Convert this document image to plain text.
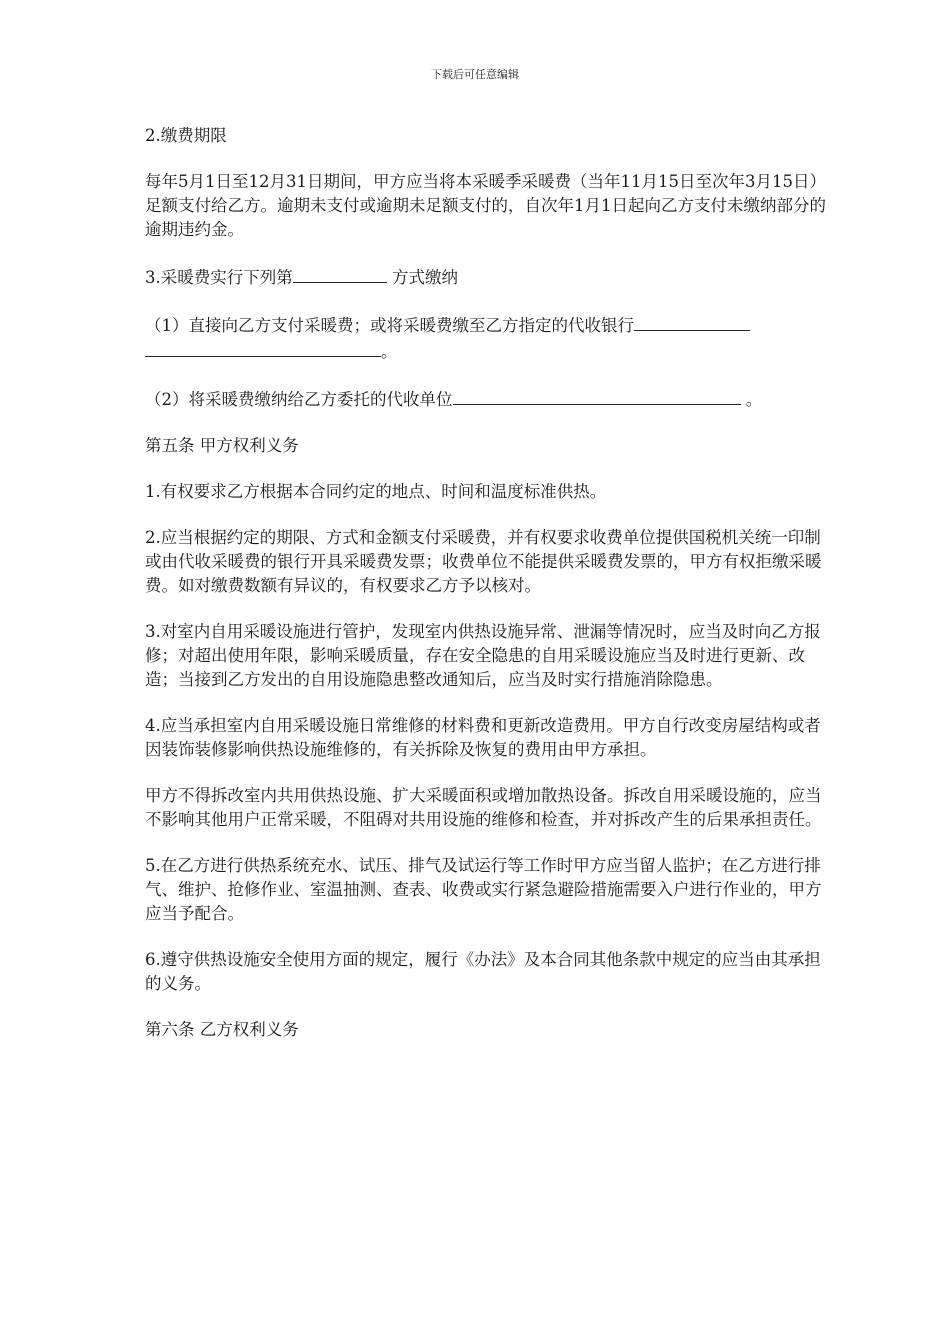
下载后可任意编辑

2.缴费期限

每年5月1日至12月31日期间，甲方应当将本采暖季采暖费（当年11月15日至次年3月15日）足额支付给乙方。逾期未支付或逾期未足额支付的，自次年1月1日起向乙方支付未缴纳部分的逾期违约金。

3.采暖费实行下列第	方式缴纳

（1）直接向乙方支付采暖费；或将采暖费缴至乙方指定的代收银行
。

（2）将采暖费缴纳给乙方委托的代收单位	。

第五条 甲方权利义务

1.有权要求乙方根据本合同约定的地点、时间和温度标准供热。

2.应当根据约定的期限、方式和金额支付采暖费，并有权要求收费单位提供国税机关统一印制或由代收采暖费的银行开具采暖费发票；收费单位不能提供采暖费发票的，甲方有权拒缴采暖费。如对缴费数额有异议的，有权要求乙方予以核对。

3.对室内自用采暖设施进行管护，发现室内供热设施异常、泄漏等情况时，应当及时向乙方报修；对超出使用年限，影响采暖质量，存在安全隐患的自用采暖设施应当及时进行更新、改造；当接到乙方发出的自用设施隐患整改通知后，应当及时实行措施消除隐患。

4.应当承担室内自用采暖设施日常维修的材料费和更新改造费用。甲方自行改变房屋结构或者因装饰装修影响供热设施维修的，有关拆除及恢复的费用由甲方承担。

甲方不得拆改室内共用供热设施、扩大采暖面积或增加散热设备。拆改自用采暖设施的，应当不影响其他用户正常采暖，不阻碍对共用设施的维修和检查，并对拆改产生的后果承担责任。

5.在乙方进行供热系统充水、试压、排气及试运行等工作时甲方应当留人监护；在乙方进行排气、维护、抢修作业、室温抽测、查表、收费或实行紧急避险措施需要入户进行作业的，甲方应当予配合。

6.遵守供热设施安全使用方面的规定，履行《办法》及本合同其他条款中规定的应当由其承担的义务。

第六条 乙方权利义务
